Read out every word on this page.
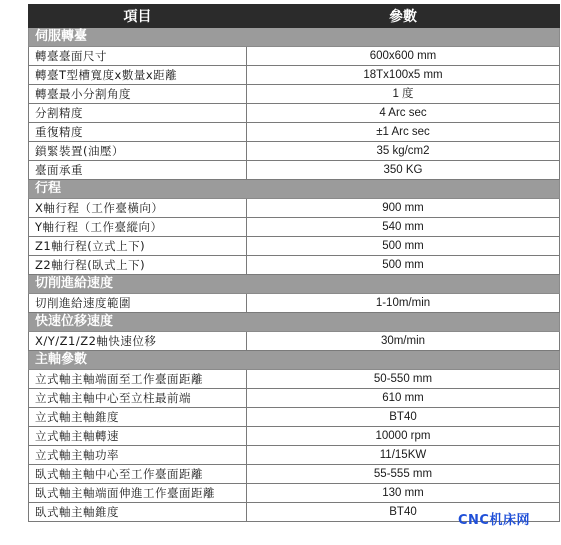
項目	參數
伺服轉臺	
轉臺臺面尺寸	600x600 mm
轉臺T型槽寬度x數量x距離	18Tx100x5 mm
轉臺最小分割角度	1 度
分割精度	4 Arc sec
重復精度	±1 Arc sec
鎖緊裝置(油壓）	35 kg/cm2
臺面承重	350 KG
行程	
X軸行程（工作臺橫向）	900 mm
Y軸行程（工作臺縱向）	540 mm
Z1軸行程(立式上下)	500 mm
Z2軸行程(臥式上下)	500 mm
切削進給速度	
切削進給速度範圍	1-10m/min
快速位移速度	
X/Y/Z1/Z2軸快速位移	30m/min
主軸參數	
立式軸主軸端面至工作臺面距離	50-550 mm
立式軸主軸中心至立柱最前端	610 mm
立式軸主軸錐度	BT40
立式軸主軸轉速	10000 rpm
立式軸主軸功率	11/15KW
臥式軸主軸中心至工作臺面距離	55-555 mm
臥式軸主軸端面伸進工作臺面距離	130 mm
臥式軸主軸錐度	BT40
CNC机床网
